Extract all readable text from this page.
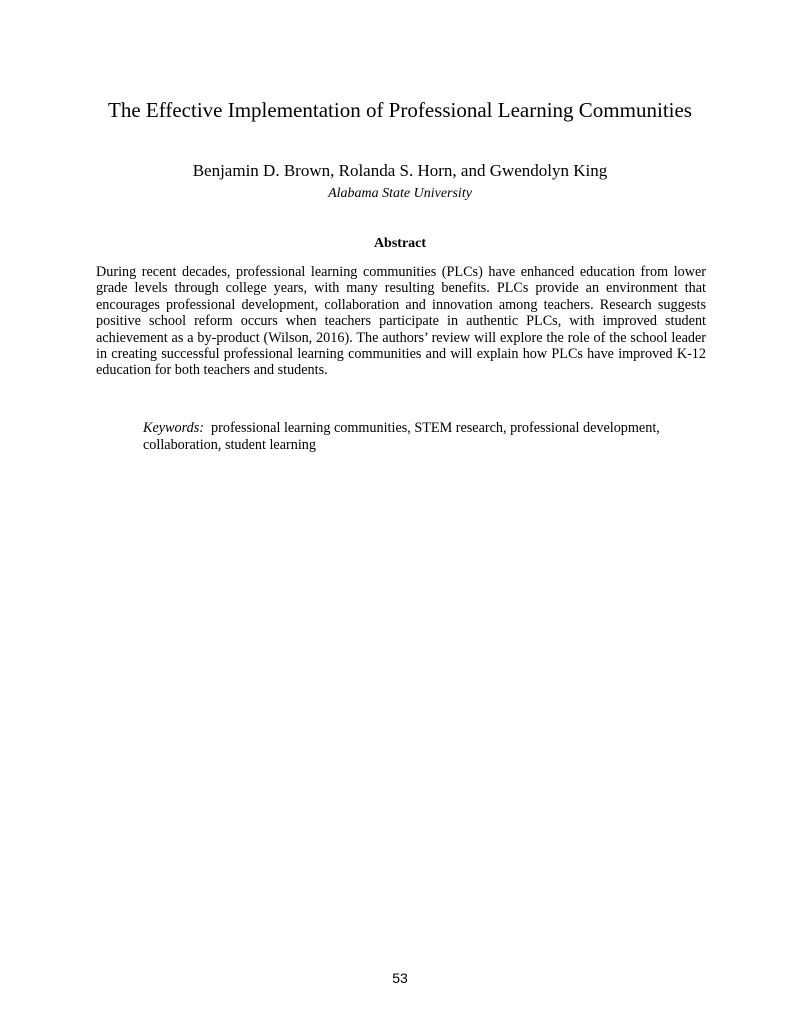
The Effective Implementation of Professional Learning Communities
Benjamin D. Brown, Rolanda S. Horn, and Gwendolyn King
Alabama State University
Abstract

During recent decades, professional learning communities (PLCs) have enhanced education from lower grade levels through college years, with many resulting benefits. PLCs provide an environment that encourages professional development, collaboration and innovation among teachers. Research suggests positive school reform occurs when teachers participate in authentic PLCs, with improved student achievement as a by-product (Wilson, 2016). The authors’ review will explore the role of the school leader in creating successful professional learning communities and will explain how PLCs have improved K-12 education for both teachers and students.

Keywords: professional learning communities, STEM research, professional development, collaboration, student learning

53
